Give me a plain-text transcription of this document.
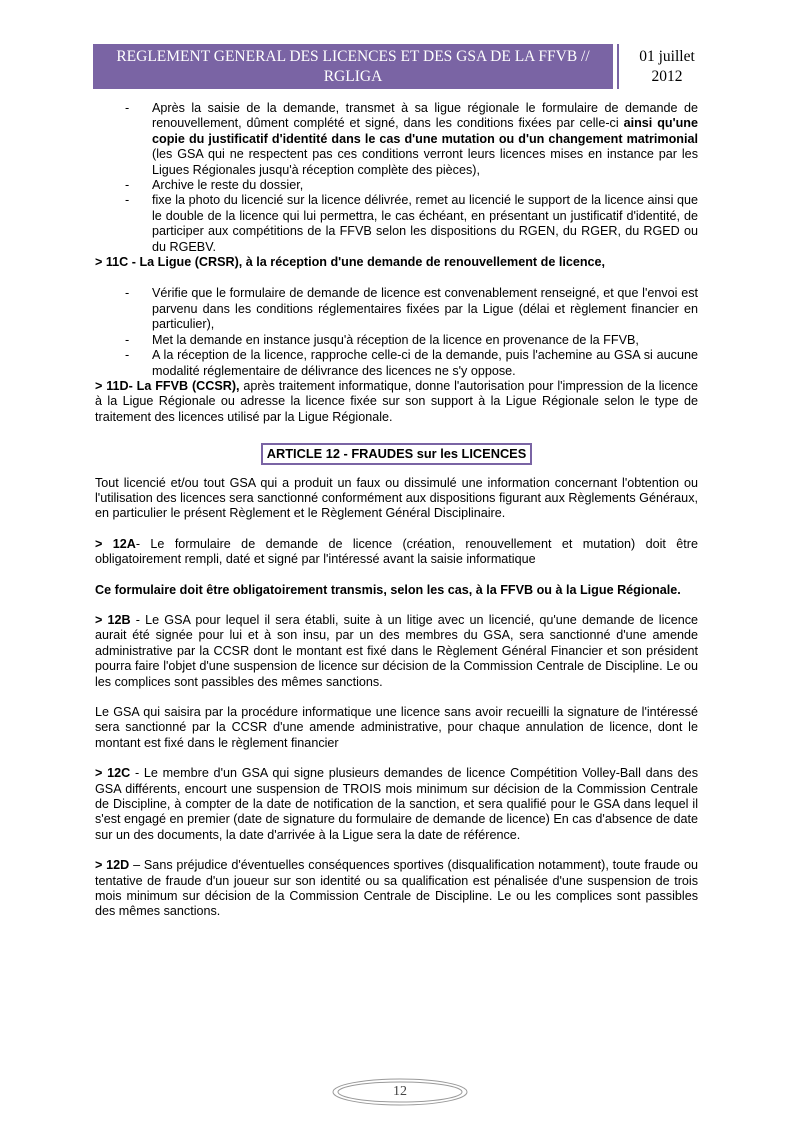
REGLEMENT GENERAL DES LICENCES ET DES GSA DE LA FFVB // RGLIGA
01 juillet
2012
- Après la saisie de la demande, transmet à sa ligue régionale le formulaire de demande de renouvellement, dûment complété et signé, dans les conditions fixées par celle-ci ainsi qu'une copie du justificatif d'identité dans le cas d'une mutation ou d'un changement matrimonial (les GSA qui ne respectent pas ces conditions verront leurs licences mises en instance par les Ligues Régionales jusqu'à réception complète des pièces),
- Archive le reste du dossier,
- fixe la photo du licencié sur la licence délivrée, remet au licencié le support de la licence ainsi que le double de la licence qui lui permettra, le cas échéant, en présentant un justificatif d'identité, de participer aux compétitions de la FFVB selon les dispositions du RGEN, du RGER, du RGED ou du RGEBV.

> 11C - La Ligue (CRSR), à la réception d'une demande de renouvellement de licence,

- Vérifie que le formulaire de demande de licence est convenablement renseigné, et que l'envoi est parvenu dans les conditions réglementaires fixées par la Ligue (délai et règlement financier en particulier),
- Met la demande en instance jusqu'à réception de la licence en provenance de la FFVB,
- A la réception de la licence, rapproche celle-ci de la demande, puis l'achemine au GSA si aucune modalité réglementaire de délivrance des licences ne s'y oppose.

> 11D- La FFVB (CCSR), après traitement informatique, donne l'autorisation pour l'impression de la licence à la Ligue Régionale ou adresse la licence fixée sur son support à la Ligue Régionale selon le type de traitement des licences utilisé par la Ligue Régionale.

ARTICLE 12 - FRAUDES sur les LICENCES

Tout licencié et/ou tout GSA qui a produit un faux ou dissimulé une information concernant l'obtention ou l'utilisation des licences sera sanctionné conformément aux dispositions figurant aux Règlements Généraux, en particulier le présent Règlement et le Règlement Général Disciplinaire.

> 12A- Le formulaire de demande de licence (création, renouvellement et mutation) doit être obligatoirement rempli, daté et signé par l'intéressé avant la saisie informatique

Ce formulaire doit être obligatoirement transmis, selon les cas, à la FFVB ou à la Ligue Régionale.

> 12B - Le GSA pour lequel il sera établi, suite à un litige avec un licencié, qu'une demande de licence aurait été signée pour lui et à son insu, par un des membres du GSA, sera sanctionné d'une amende administrative par la CCSR dont le montant est fixé dans le Règlement Général Financier et son président pourra faire l'objet d'une suspension de licence sur décision de la Commission Centrale de Discipline. Le ou les complices sont passibles des mêmes sanctions.

Le GSA qui saisira par la procédure informatique une licence sans avoir recueilli la signature de l'intéressé sera sanctionné par la CCSR d'une amende administrative, pour chaque annulation de licence, dont le montant est fixé dans le règlement financier

> 12C - Le membre d'un GSA qui signe plusieurs demandes de licence Compétition Volley-Ball dans des GSA différents, encourt une suspension de TROIS mois minimum sur décision de la Commission Centrale de Discipline, à compter de la date de notification de la sanction, et sera qualifié pour le GSA dans lequel il s'est engagé en premier (date de signature du formulaire de demande de licence) En cas d'absence de date sur un des documents, la date d'arrivée à la Ligue sera la date de référence.

> 12D – Sans préjudice d'éventuelles conséquences sportives (disqualification notamment), toute fraude ou tentative de fraude d'un joueur sur son identité ou sa qualification est pénalisée d'une suspension de trois mois minimum sur décision de la Commission Centrale de Discipline. Le ou les complices sont passibles des mêmes sanctions.

12
